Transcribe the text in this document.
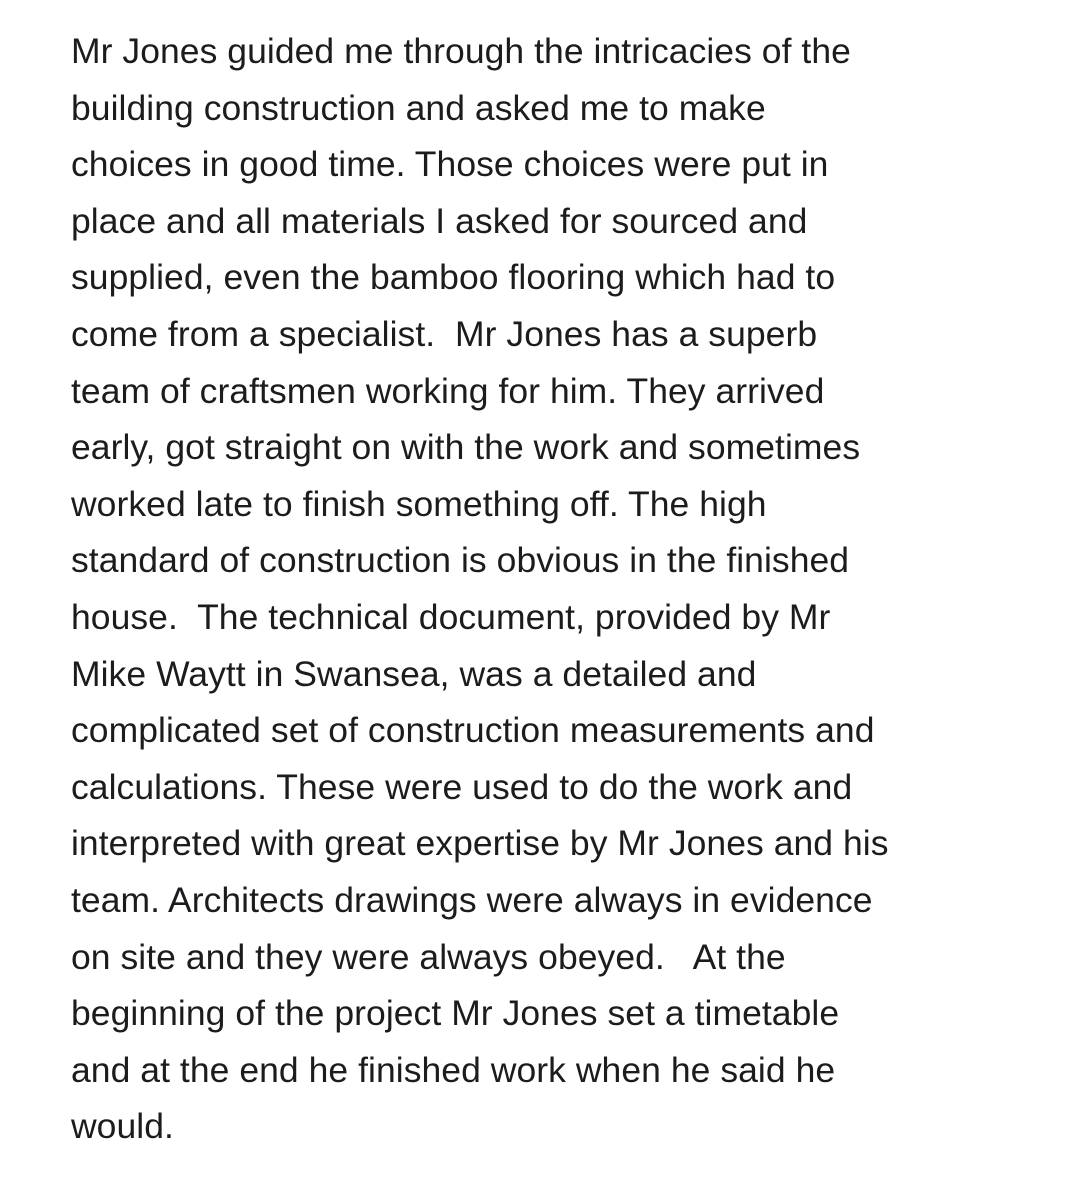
Mr Jones guided me through the intricacies of the
building construction and asked me to make
choices in good time. Those choices were put in
place and all materials I asked for sourced and
supplied, even the bamboo flooring which had to
come from a specialist.  Mr Jones has a superb
team of craftsmen working for him. They arrived
early, got straight on with the work and sometimes
worked late to finish something off. The high
standard of construction is obvious in the finished
house.  The technical document, provided by Mr
Mike Waytt in Swansea, was a detailed and
complicated set of construction measurements and
calculations. These were used to do the work and
interpreted with great expertise by Mr Jones and his
team. Architects drawings were always in evidence
on site and they were always obeyed.   At the
beginning of the project Mr Jones set a timetable
and at the end he finished work when he said he
would.
